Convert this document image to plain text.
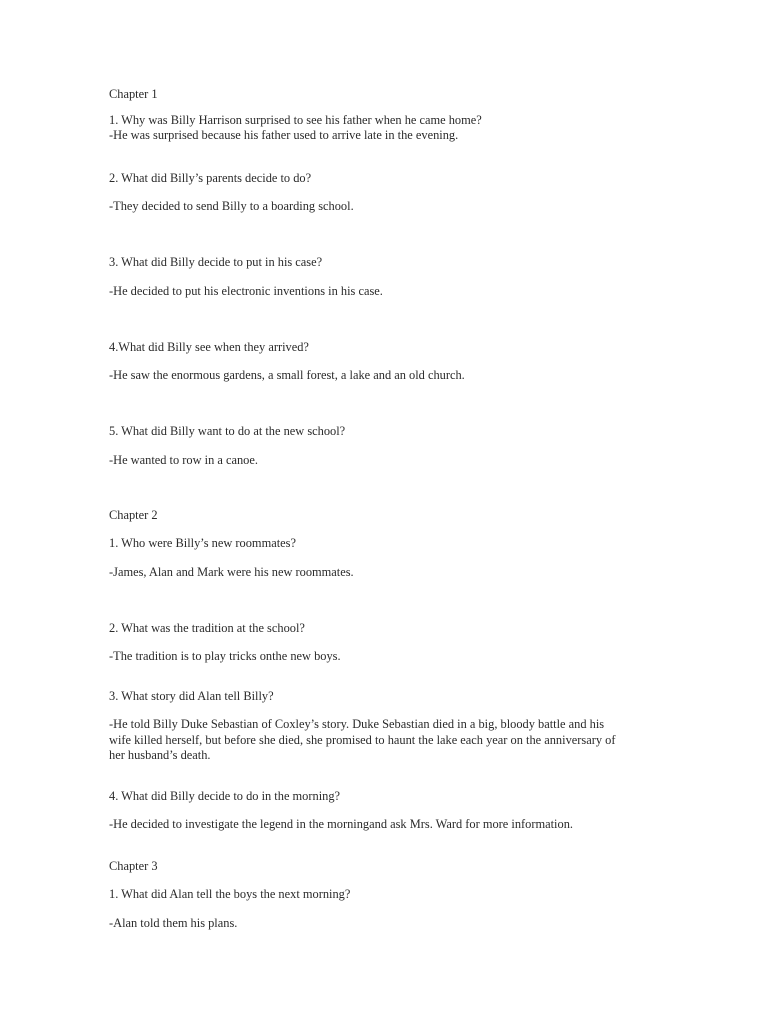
Chapter 1

1. Why was Billy Harrison surprised to see his father when he came home?

-He was surprised because his father used to arrive late in the evening.

2. What did Billy’s parents decide to do?

-They decided to send Billy to a boarding school.

3. What did Billy decide to put in his case?

-He decided to put his electronic inventions in his case.

4.What did Billy see when they arrived?

-He saw the enormous gardens, a small forest, a lake and an old church.

5. What did Billy want to do at the new school?

-He wanted to row in a canoe.

Chapter 2

1. Who were Billy’s new roommates?

-James, Alan and Mark were his new roommates.

2. What was the tradition at the school?

-The tradition is to play tricks onthe new boys.

3. What story did Alan tell Billy?

-He told Billy Duke Sebastian of Coxley’s story. Duke Sebastian died in a big, bloody battle and his wife killed herself, but before she died, she promised to haunt the lake each year on the anniversary of her husband’s death.

4. What did Billy decide to do in the morning?

-He decided to investigate the legend in the morningand ask Mrs. Ward for more information.

Chapter 3

1. What did Alan tell the boys the next morning?

-Alan told them his plans.
